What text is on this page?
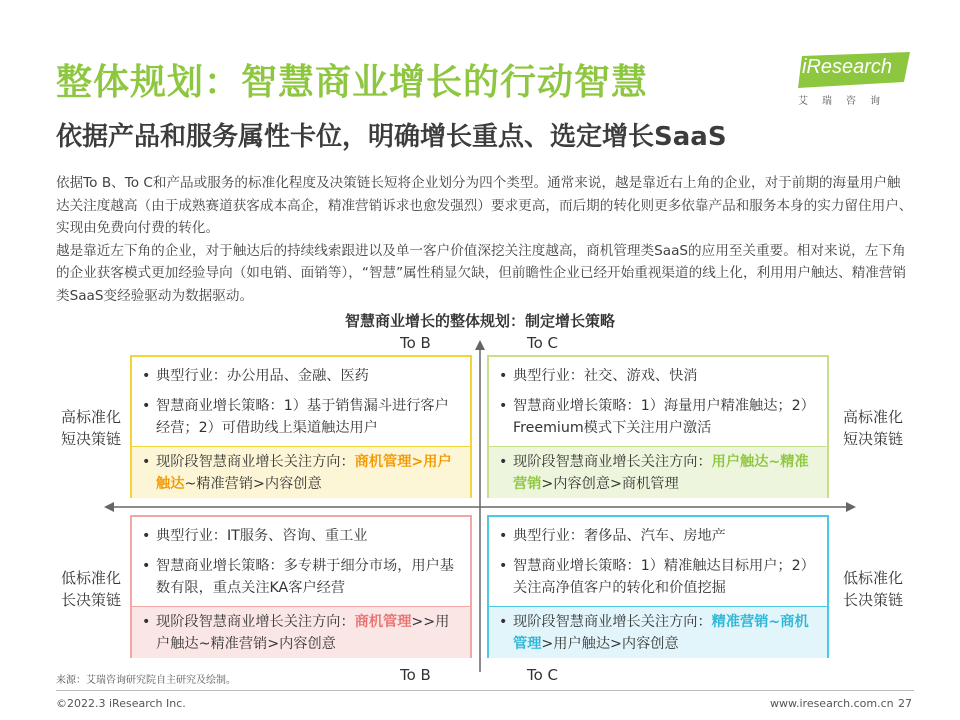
整体规划：智慧商业增长的行动智慧
依据产品和服务属性卡位，明确增长重点、选定增长SaaS
iResearch
艾瑞咨询

依据To B、To C和产品或服务的标准化程度及决策链长短将企业划分为四个类型。通常来说，越是靠近右上角的企业，对于前期的海量用户触达关注度越高（由于成熟赛道获客成本高企，精准营销诉求也愈发强烈）要求更高，而后期的转化则更多依靠产品和服务本身的实力留住用户、实现由免费向付费的转化。

越是靠近左下角的企业，对于触达后的持续线索跟进以及单一客户价值深挖关注度越高，商机管理类SaaS的应用至关重要。相对来说，左下角的企业获客模式更加经验导向（如电销、面销等），“智慧”属性稍显欠缺，但前瞻性企业已经开始重视渠道的线上化，利用用户触达、精准营销类SaaS变经验驱动为数据驱动。

智慧商业增长的整体规划：制定增长策略
To B	To C
To B	To C
高标准化
短决策链
高标准化
短决策链
低标准化
长决策链
低标准化
长决策链
• 典型行业：办公用品、金融、医药
• 智慧商业增长策略：1）基于销售漏斗进行客户经营；2）可借助线上渠道触达用户
• 现阶段智慧商业增长关注方向：商机管理>用户触达~精准营销>内容创意
• 典型行业：社交、游戏、快消
• 智慧商业增长策略：1）海量用户精准触达；2）Freemium模式下关注用户激活
• 现阶段智慧商业增长关注方向：用户触达~精准营销>内容创意>商机管理
• 典型行业：IT服务、咨询、重工业
• 智慧商业增长策略：多专耕于细分市场，用户基数有限，重点关注KA客户经营
• 现阶段智慧商业增长关注方向：商机管理>>用户触达~精准营销>内容创意
• 典型行业：奢侈品、汽车、房地产
• 智慧商业增长策略：1）精准触达目标用户；2）关注高净值客户的转化和价值挖掘
• 现阶段智慧商业增长关注方向：精准营销~商机管理>用户触达>内容创意
来源：艾瑞咨询研究院自主研究及绘制。
©2022.3 iResearch Inc.	www.iresearch.com.cn 27
